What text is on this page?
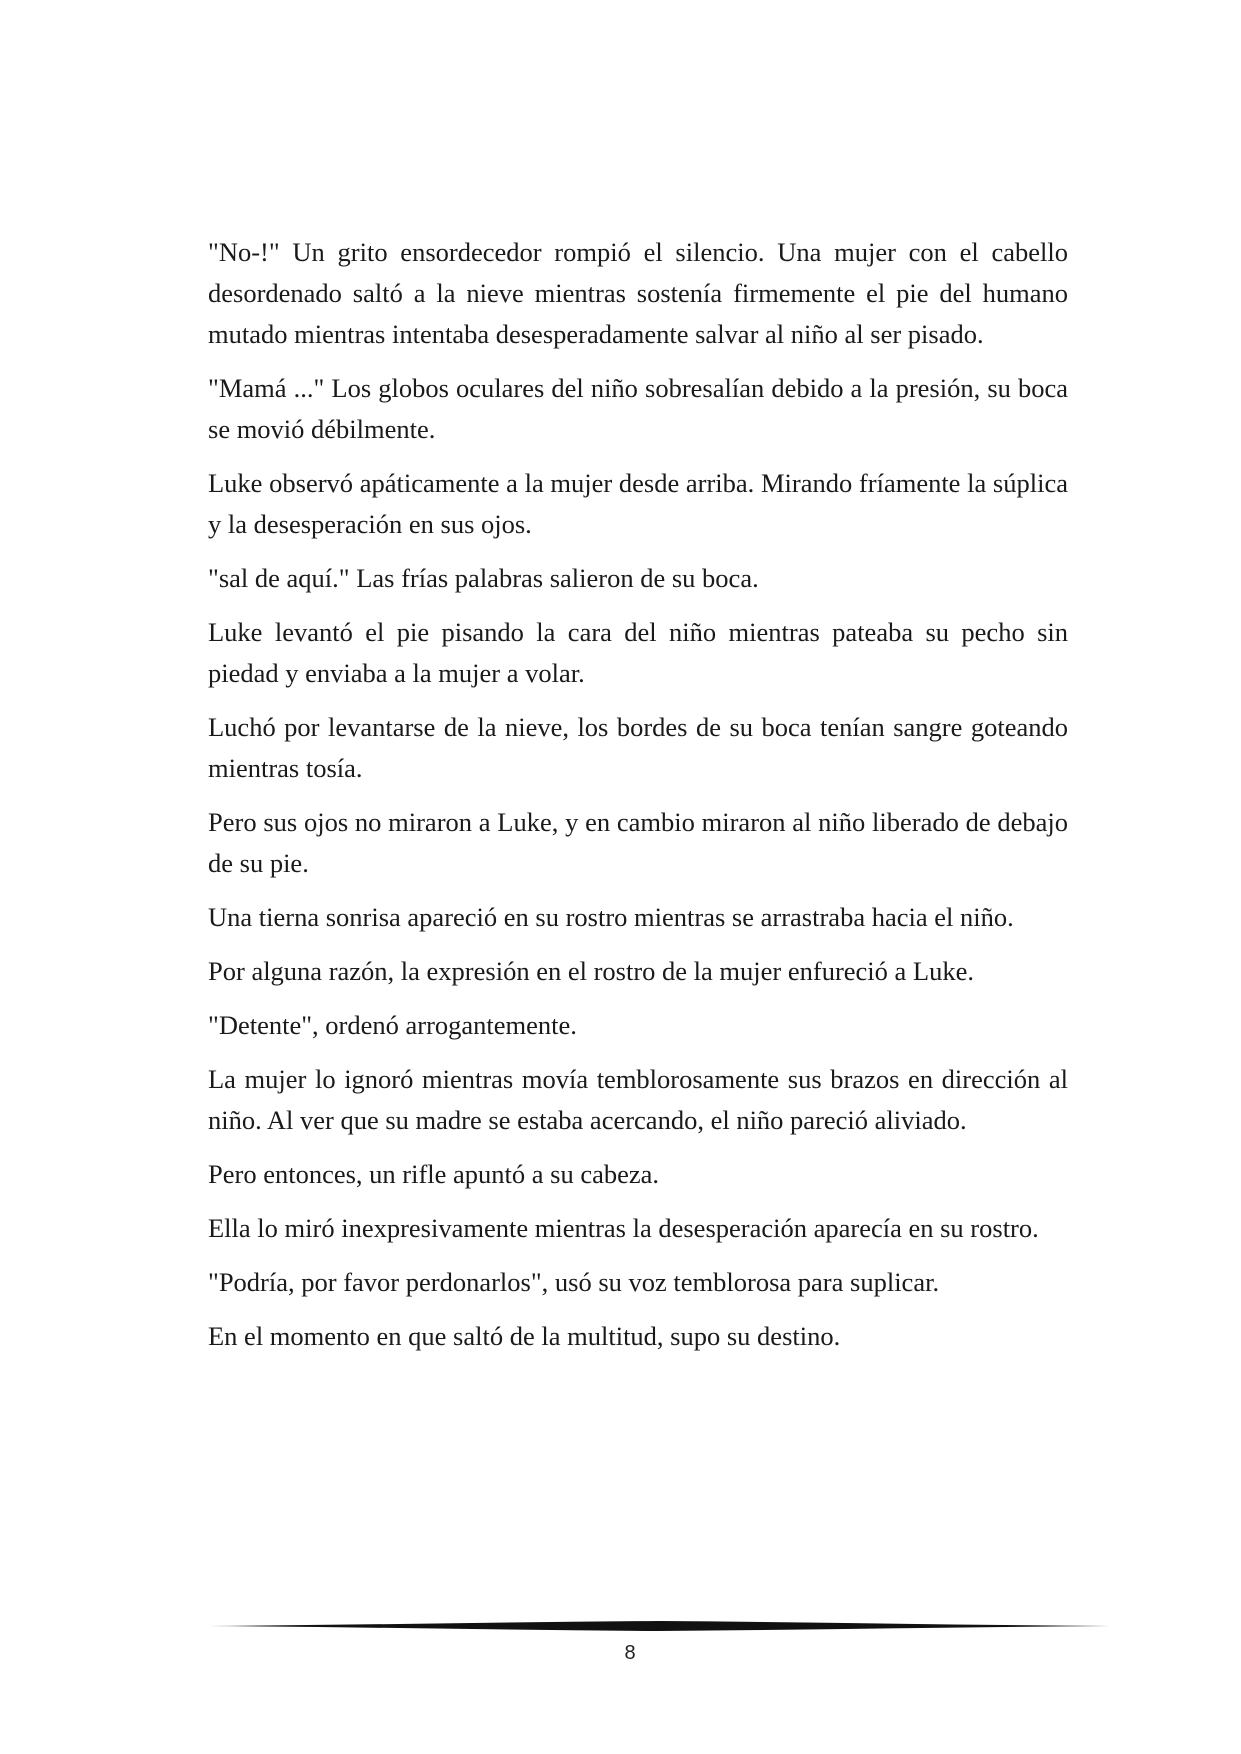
"No-!" Un grito ensordecedor rompió el silencio. Una mujer con el cabello desordenado saltó a la nieve mientras sostenía firmemente el pie del humano mutado mientras intentaba desesperadamente salvar al niño al ser pisado.

"Mamá ..." Los globos oculares del niño sobresalían debido a la presión, su boca se movió débilmente.

Luke observó apáticamente a la mujer desde arriba. Mirando fríamente la súplica y la desesperación en sus ojos.

"sal de aquí." Las frías palabras salieron de su boca.

Luke levantó el pie pisando la cara del niño mientras pateaba su pecho sin piedad y enviaba a la mujer a volar.

Luchó por levantarse de la nieve, los bordes de su boca tenían sangre goteando mientras tosía.

Pero sus ojos no miraron a Luke, y en cambio miraron al niño liberado de debajo de su pie.

Una tierna sonrisa apareció en su rostro mientras se arrastraba hacia el niño.

Por alguna razón, la expresión en el rostro de la mujer enfureció a Luke.

"Detente", ordenó arrogantemente.

La mujer lo ignoró mientras movía temblorosamente sus brazos en dirección al niño. Al ver que su madre se estaba acercando, el niño pareció aliviado.

Pero entonces, un rifle apuntó a su cabeza.

Ella lo miró inexpresivamente mientras la desesperación aparecía en su rostro.

"Podría, por favor perdonarlos", usó su voz temblorosa para suplicar.

En el momento en que saltó de la multitud, supo su destino.

8
